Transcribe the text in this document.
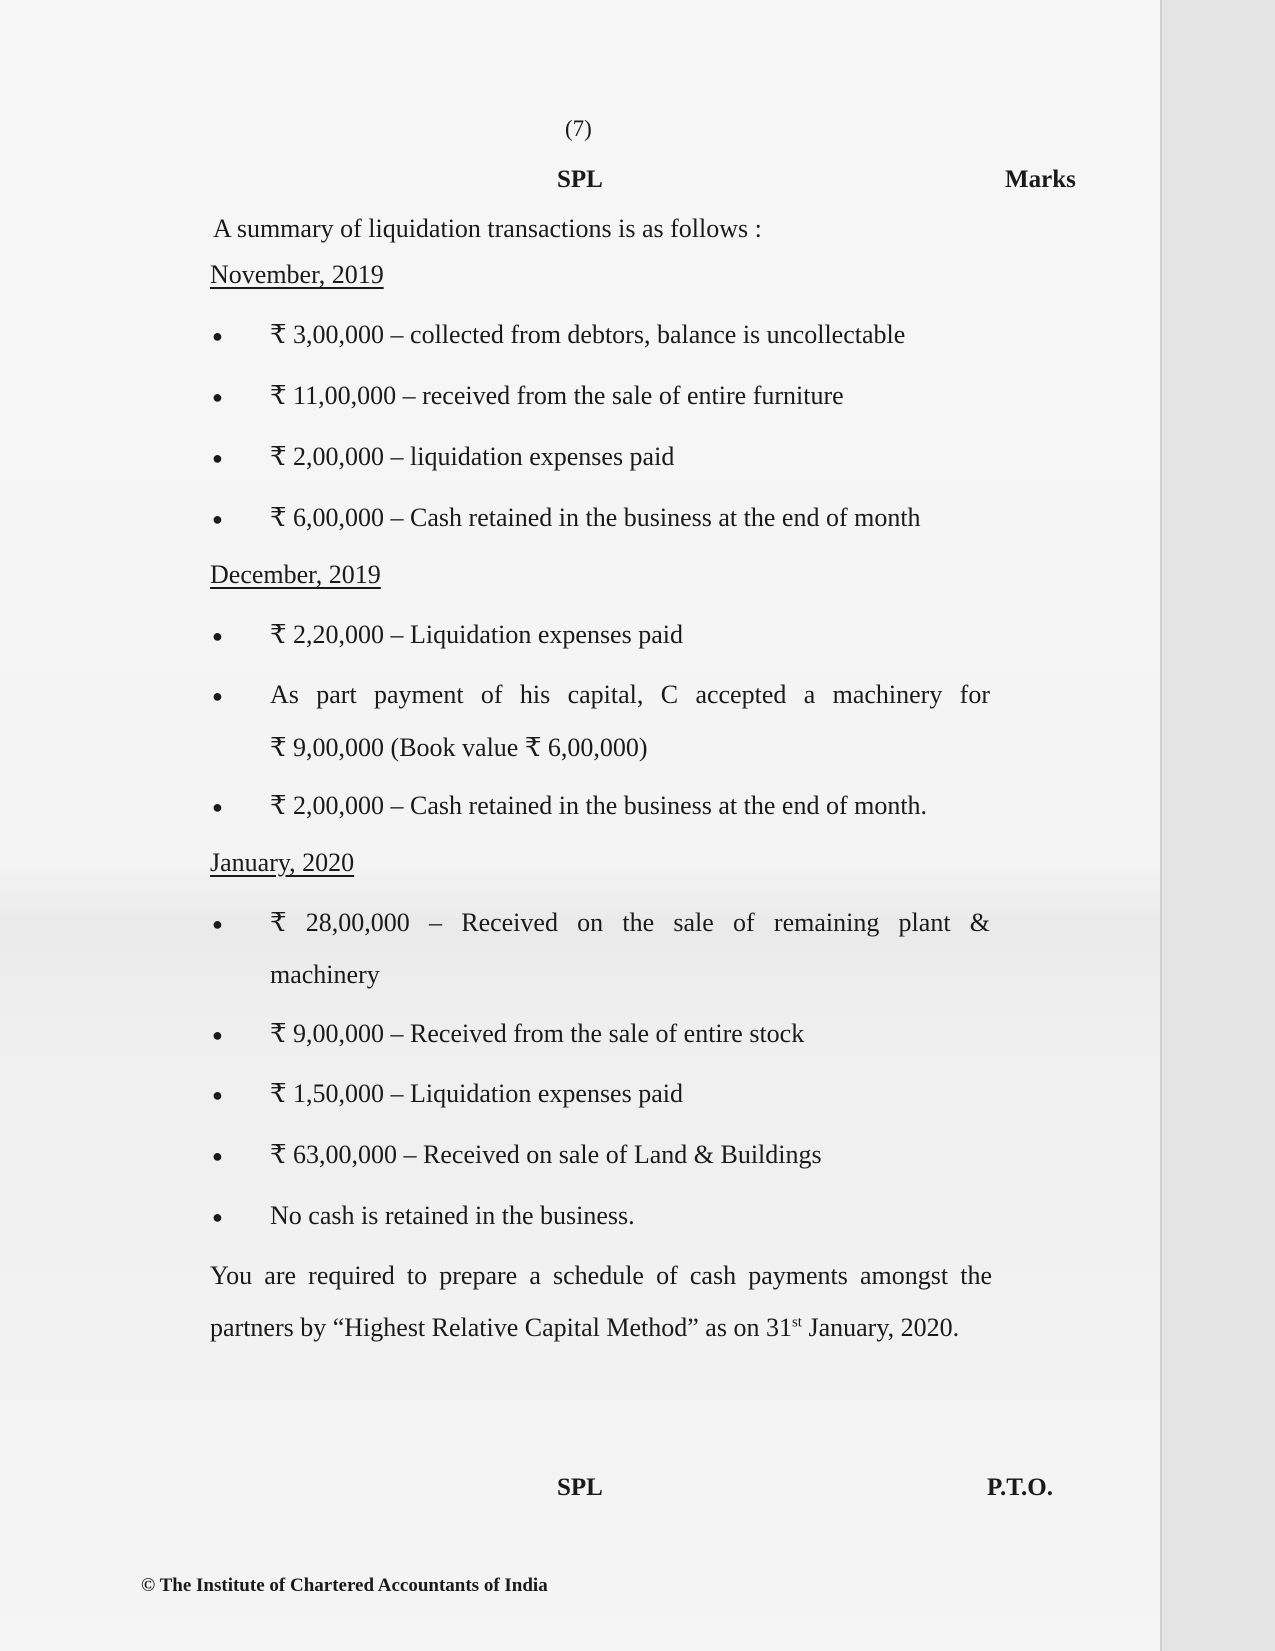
(7)
SPL	Marks
A summary of liquidation transactions is as follows :
November, 2019
● ₹ 3,00,000 – collected from debtors, balance is uncollectable
● ₹ 11,00,000 – received from the sale of entire furniture
● ₹ 2,00,000 – liquidation expenses paid
● ₹ 6,00,000 – Cash retained in the business at the end of month
December, 2019
● ₹ 2,20,000 – Liquidation expenses paid
● As part payment of his capital, C accepted a machinery for
₹ 9,00,000 (Book value ₹ 6,00,000)
● ₹ 2,00,000 – Cash retained in the business at the end of month.
January, 2020
● ₹ 28,00,000 – Received on the sale of remaining plant &
machinery
● ₹ 9,00,000 – Received from the sale of entire stock
● ₹ 1,50,000 – Liquidation expenses paid
● ₹ 63,00,000 – Received on sale of Land & Buildings
● No cash is retained in the business.
You are required to prepare a schedule of cash payments amongst the partners by “Highest Relative Capital Method” as on 31st January, 2020.
SPL	P.T.O.
© The Institute of Chartered Accountants of India
